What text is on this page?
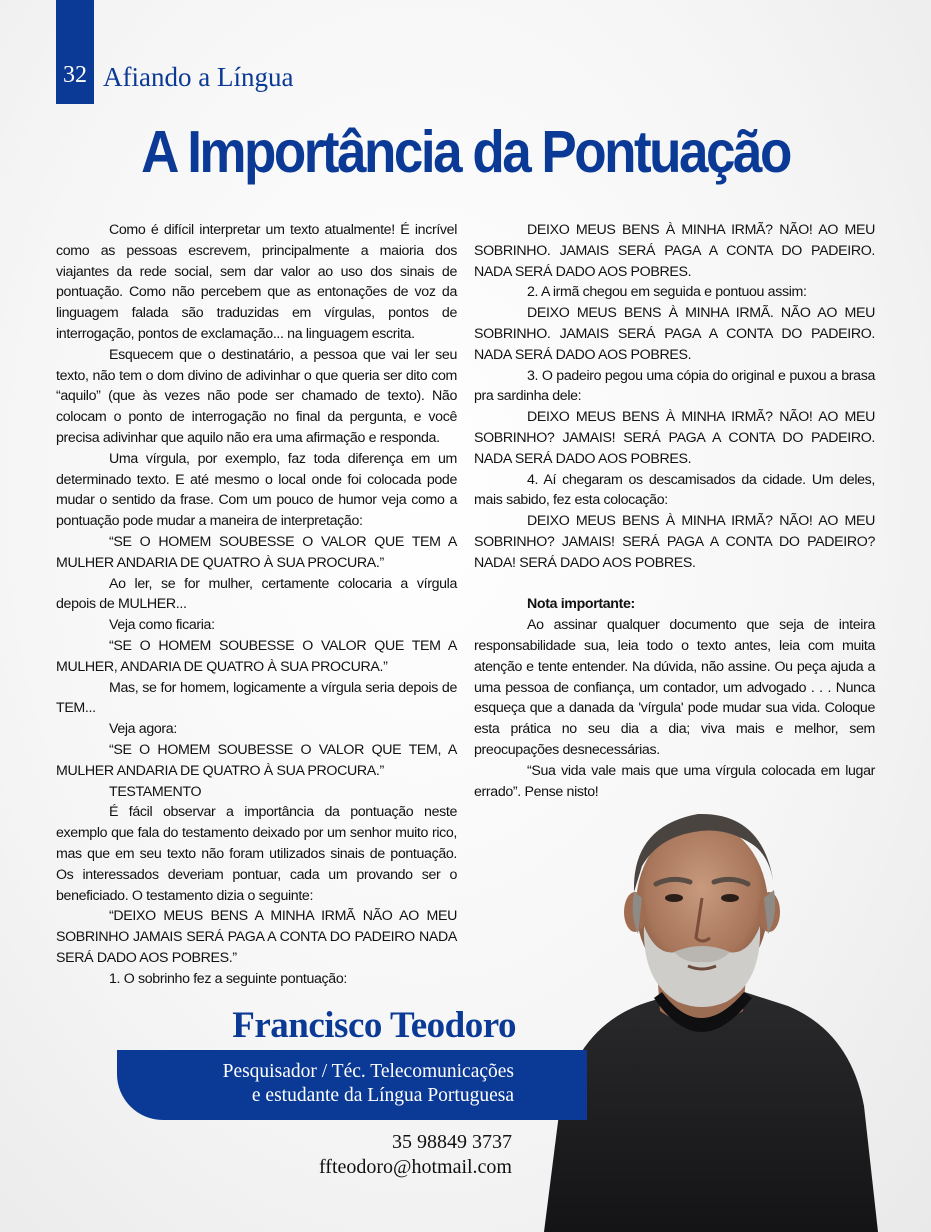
32 Afiando a Língua
A Importância da Pontuação

Como é difícil interpretar um texto atualmente! É incrível como as pessoas escrevem, principalmente a maioria dos viajantes da rede social, sem dar valor ao uso dos sinais de pontuação. Como não percebem que as entonações de voz da linguagem falada são traduzidas em vírgulas, pontos de interrogação, pontos de exclamação... na linguagem escrita.

Esquecem que o destinatário, a pessoa que vai ler seu texto, não tem o dom divino de adivinhar o que queria ser dito com “aquilo” (que às vezes não pode ser chamado de texto). Não colocam o ponto de interrogação no final da pergunta, e você precisa adivinhar que aquilo não era uma afirmação e responda.

Uma vírgula, por exemplo, faz toda diferença em um determinado texto. E até mesmo o local onde foi colocada pode mudar o sentido da frase. Com um pouco de humor veja como a pontuação pode mudar a maneira de interpretação:

“SE O HOMEM SOUBESSE O VALOR QUE TEM A MULHER ANDARIA DE QUATRO À SUA PROCURA.”

Ao ler, se for mulher, certamente colocaria a vírgula depois de MULHER...

Veja como ficaria:

“SE O HOMEM SOUBESSE O VALOR QUE TEM A MULHER, ANDARIA DE QUATRO À SUA PROCURA.”

Mas, se for homem, logicamente a vírgula seria depois de TEM...

Veja agora:

“SE O HOMEM SOUBESSE O VALOR QUE TEM, A MULHER ANDARIA DE QUATRO À SUA PROCURA.”

TESTAMENTO

É fácil observar a importância da pontuação neste exemplo que fala do testamento deixado por um senhor muito rico, mas que em seu texto não foram utilizados sinais de pontuação. Os interessados deveriam pontuar, cada um provando ser o beneficiado. O testamento dizia o seguinte:

“DEIXO MEUS BENS A MINHA IRMÃ NÃO AO MEU SOBRINHO JAMAIS SERÁ PAGA A CONTA DO PADEIRO NADA SERÁ DADO AOS POBRES.”

1. O sobrinho fez a seguinte pontuação:

DEIXO MEUS BENS À MINHA IRMÃ? NÃO! AO MEU SOBRINHO. JAMAIS SERÁ PAGA A CONTA DO PADEIRO. NADA SERÁ DADO AOS POBRES.

2. A irmã chegou em seguida e pontuou assim:

DEIXO MEUS BENS À MINHA IRMÃ. NÃO AO MEU SOBRINHO. JAMAIS SERÁ PAGA A CONTA DO PADEIRO. NADA SERÁ DADO AOS POBRES.

3. O padeiro pegou uma cópia do original e puxou a brasa pra sardinha dele:

DEIXO MEUS BENS À MINHA IRMÃ? NÃO! AO MEU SOBRINHO? JAMAIS! SERÁ PAGA A CONTA DO PADEIRO. NADA SERÁ DADO AOS POBRES.

4. Aí chegaram os descamisados da cidade. Um deles, mais sabido, fez esta colocação:

DEIXO MEUS BENS À MINHA IRMÃ? NÃO! AO MEU SOBRINHO? JAMAIS! SERÁ PAGA A CONTA DO PADEIRO? NADA! SERÁ DADO AOS POBRES.

Nota importante:

Ao assinar qualquer documento que seja de inteira responsabilidade sua, leia todo o texto antes, leia com muita atenção e tente entender. Na dúvida, não assine. Ou peça ajuda a uma pessoa de confiança, um contador, um advogado . . . Nunca esqueça que a danada da 'vírgula' pode mudar sua vida. Coloque esta prática no seu dia a dia; viva mais e melhor, sem preocupações desnecessárias.

“Sua vida vale mais que uma vírgula colocada em lugar errado”. Pense nisto!

Francisco Teodoro
Pesquisador / Téc. Telecomunicações
e estudante da Língua Portuguesa
35 98849 3737
ffteodoro@hotmail.com
